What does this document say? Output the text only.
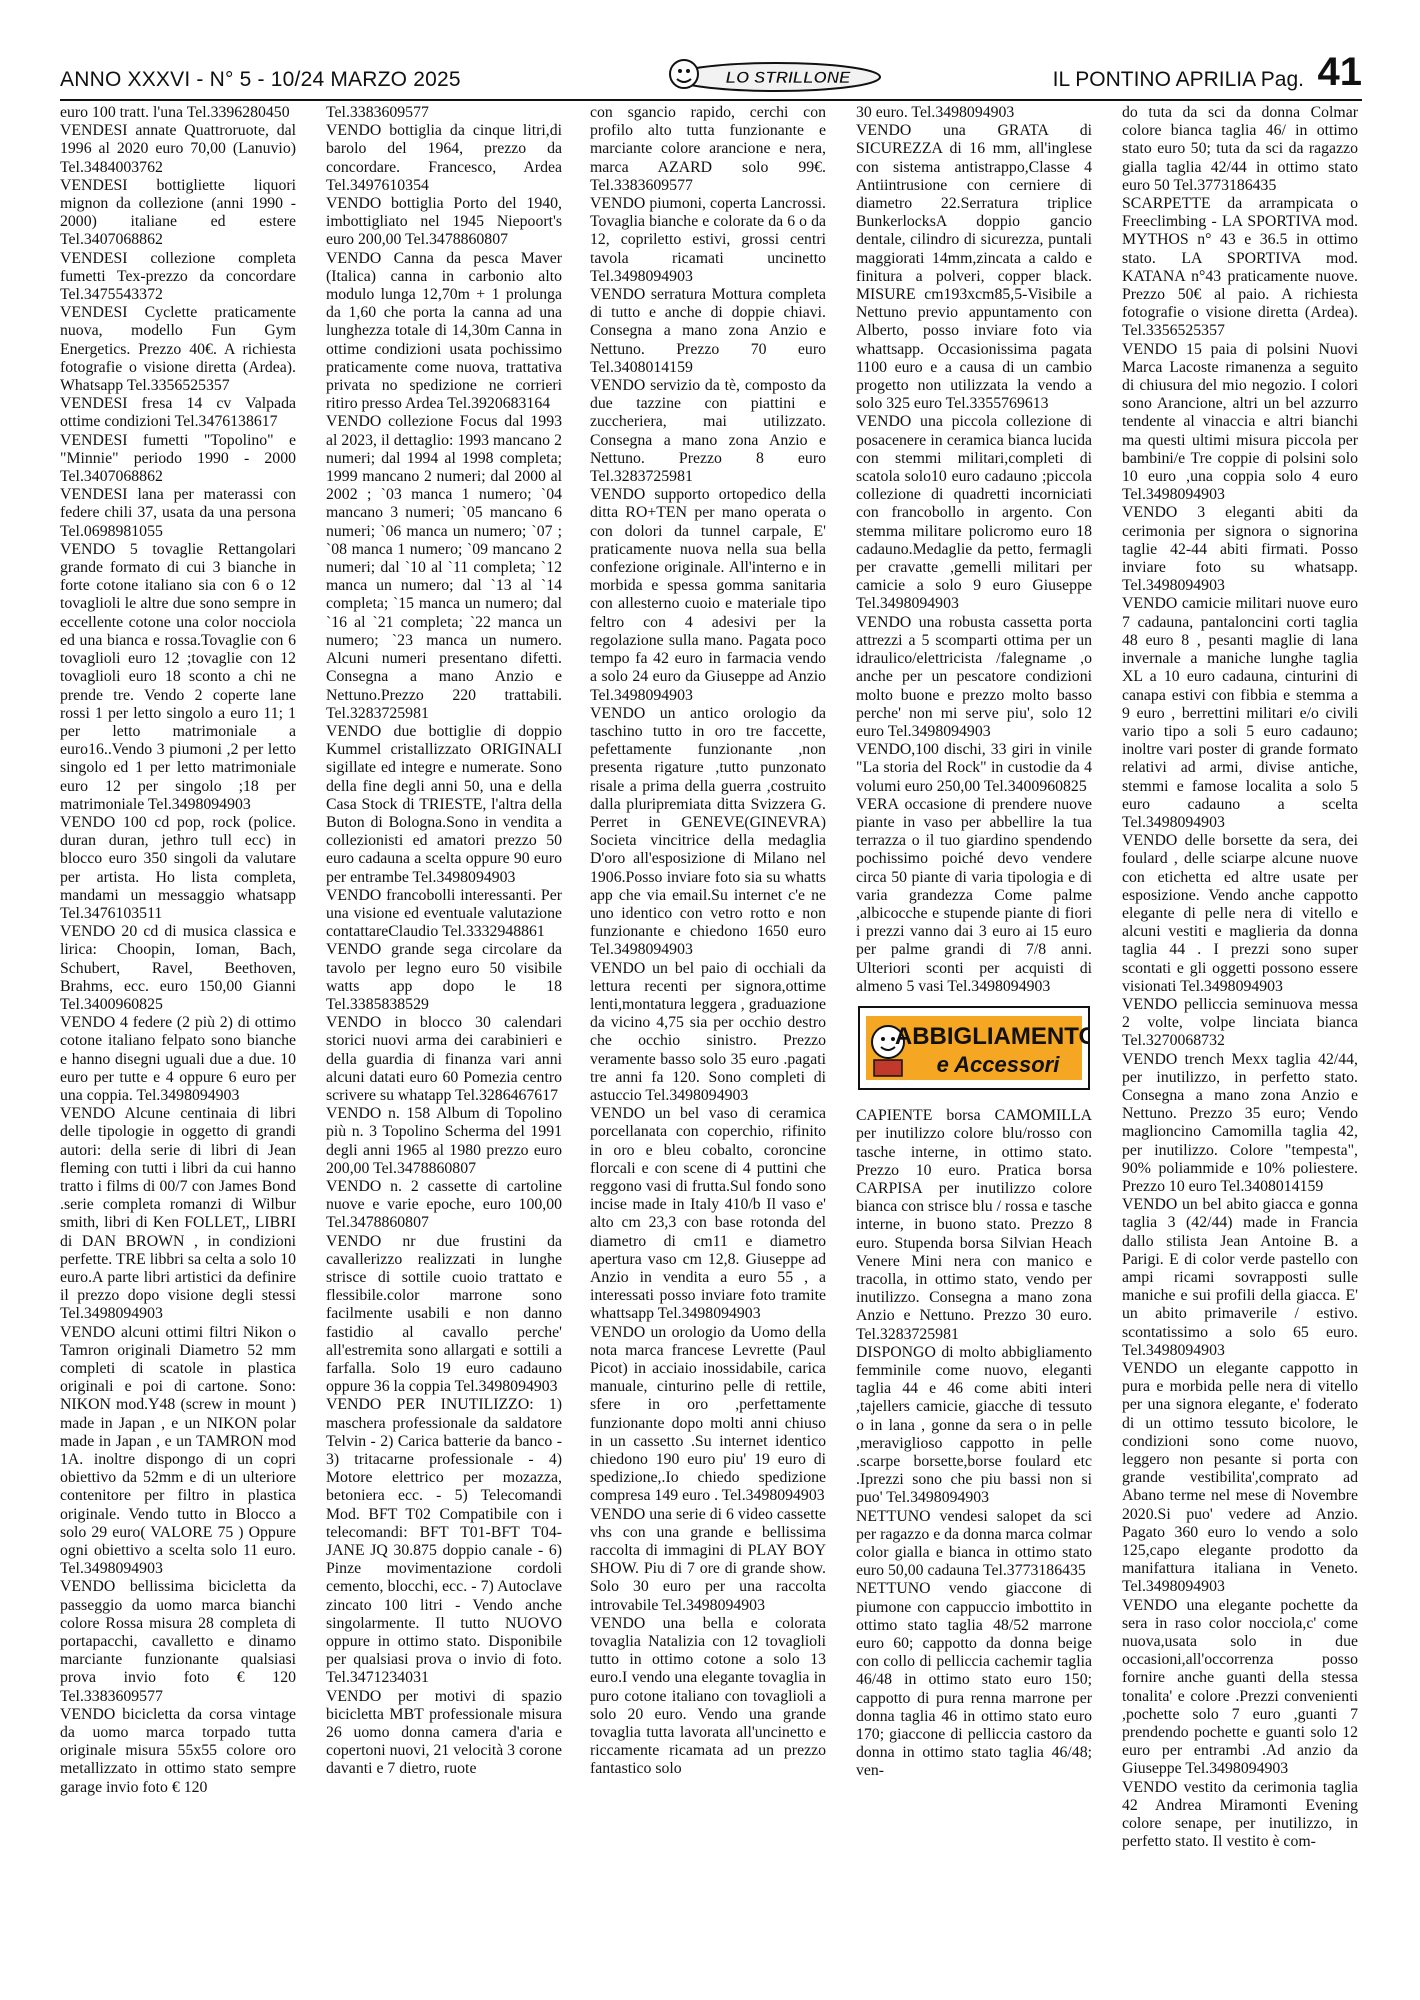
ANNO XXXVI - N° 5 - 10/24 MARZO 2025	LO STRILLONE	IL PONTINO APRILIA Pag. 41

euro 100 tratt. l'una Tel.3396280450

VENDESI annate Quattroruote, dal 1996 al 2020 euro 70,00 (Lanuvio) Tel.3484003762

VENDESI bottigliette liquori mignon da collezione (anni 1990 - 2000) italiane ed estere Tel.3407068862

VENDESI collezione completa fumetti Tex-prezzo da concordare Tel.3475543372

VENDESI Cyclette praticamente nuova, modello Fun Gym Energetics. Prezzo 40€. A richiesta fotografie o visione diretta (Ardea). Whatsapp Tel.3356525357

VENDESI fresa 14 cv Valpada ottime condizioni Tel.3476138617

VENDESI fumetti "Topolino" e "Minnie" periodo 1990 - 2000 Tel.3407068862

VENDESI lana per materassi con federe chili 37, usata da una persona Tel.0698981055

VENDO 5 tovaglie Rettangolari grande formato di cui 3 bianche in forte cotone italiano sia con 6 o 12 tovaglioli le altre due sono sempre in eccellente cotone una color nocciola ed una bianca e rossa.Tovaglie con 6 tovaglioli euro 12 ;tovaglie con 12 tovaglioli euro 18 sconto a chi ne prende tre. Vendo 2 coperte lane rossi 1 per letto singolo a euro 11; 1 per letto matrimoniale a euro16..Vendo 3 piumoni ,2 per letto singolo ed 1 per letto matrimoniale euro 12 per singolo ;18 per matrimoniale Tel.3498094903

VENDO 100 cd pop, rock (police. duran duran, jethro tull ecc) in blocco euro 350 singoli da valutare per artista. Ho lista completa, mandami un messaggio whatsapp Tel.3476103511

VENDO 20 cd di musica classica e lirica: Choopin, Ioman, Bach, Schubert, Ravel, Beethoven, Brahms, ecc. euro 150,00 Gianni Tel.3400960825

VENDO 4 federe (2 più 2) di ottimo cotone italiano felpato sono bianche e hanno disegni uguali due a due. 10 euro per tutte e 4 oppure 6 euro per una coppia. Tel.3498094903

VENDO Alcune centinaia di libri delle tipologie in oggetto di grandi autori: della serie di libri di Jean fleming con tutti i libri da cui hanno tratto i films di 00/7 con James Bond .serie completa romanzi di Wilbur smith, libri di Ken FOLLET,, LIBRI di DAN BROWN , in condizioni perfette. TRE libbri sa celta a solo 10 euro.A parte libri artistici da definire il prezzo dopo visione degli stessi Tel.3498094903

VENDO alcuni ottimi filtri Nikon o Tamron originali Diametro 52 mm completi di scatole in plastica originali e poi di cartone. Sono: NIKON mod.Y48 (screw in mount ) made in Japan , e un NIKON polar made in Japan , e un TAMRON mod 1A. inoltre dispongo di un copri obiettivo da 52mm e di un ulteriore contenitore per filtro in plastica originale. Vendo tutto in Blocco a solo 29 euro( VALORE 75 ) Oppure ogni obiettivo a scelta solo 11 euro. Tel.3498094903

VENDO bellissima bicicletta da passeggio da uomo marca bianchi colore Rossa misura 28 completa di portapacchi, cavalletto e dinamo marciante funzionante qualsiasi prova invio foto € 120 Tel.3383609577

VENDO bicicletta da corsa vintage da uomo marca torpado tutta originale misura 55x55 colore oro metallizzato in ottimo stato sempre garage invio foto € 120

Tel.3383609577

VENDO bottiglia da cinque litri,di barolo del 1964, prezzo da concordare. Francesco, Ardea Tel.3497610354

VENDO bottiglia Porto del 1940, imbottigliato nel 1945 Niepoort's euro 200,00 Tel.3478860807

VENDO Canna da pesca Maver (Italica) canna in carbonio alto modulo lunga 12,70m + 1 prolunga da 1,60 che porta la canna ad una lunghezza totale di 14,30m Canna in ottime condizioni usata pochissimo praticamente come nuova, trattativa privata no spedizione ne corrieri ritiro presso Ardea Tel.3920683164

VENDO collezione Focus dal 1993 al 2023, il dettaglio: 1993 mancano 2 numeri; dal 1994 al 1998 completa; 1999 mancano 2 numeri; dal 2000 al 2002 ; `03 manca 1 numero; `04 mancano 3 numeri; `05 mancano 6 numeri; `06 manca un numero; `07 ; `08 manca 1 numero; `09 mancano 2 numeri; dal `10 al `11 completa; `12 manca un numero; dal `13 al `14 completa; `15 manca un numero; dal `16 al `21 completa; `22 manca un numero; `23 manca un numero. Alcuni numeri presentano difetti. Consegna a mano Anzio e Nettuno.Prezzo 220 trattabili. Tel.3283725981

VENDO due bottiglie di doppio Kummel cristallizzato ORIGINALI sigillate ed integre e numerate. Sono della fine degli anni 50, una e della Casa Stock di TRIESTE, l'altra della Buton di Bologna.Sono in vendita a collezionisti ed amatori prezzo 50 euro cadauna a scelta oppure 90 euro per entrambe Tel.3498094903

VENDO francobolli interessanti. Per una visione ed eventuale valutazione contattareClaudio Tel.3332948861

VENDO grande sega circolare da tavolo per legno euro 50 visibile watts app dopo le 18 Tel.3385838529

VENDO in blocco 30 calendari storici nuovi arma dei carabinieri e della guardia di finanza vari anni alcuni datati euro 60 Pomezia centro scrivere su whatapp Tel.3286467617

VENDO n. 158 Album di Topolino più n. 3 Topolino Scherma del 1991 degli anni 1965 al 1980 prezzo euro 200,00 Tel.3478860807

VENDO n. 2 cassette di cartoline nuove e varie epoche, euro 100,00 Tel.3478860807

VENDO nr due frustini da cavallerizzo realizzati in lunghe strisce di sottile cuoio trattato e flessibile.color marrone sono facilmente usabili e non danno fastidio al cavallo perche' all'estremita sono allargati e sottili a farfalla. Solo 19 euro cadauno oppure 36 la coppia Tel.3498094903

VENDO PER INUTILIZZO: 1) maschera professionale da saldatore Telvin - 2) Carica batterie da banco - 3) tritacarne professionale - 4) Motore elettrico per mozazza, betoniera ecc. - 5) Telecomandi Mod. BFT T02 Compatibile con i telecomandi: BFT T01-BFT T04-JANE JQ 30.875 doppio canale - 6) Pinze movimentazione cordoli cemento, blocchi, ecc. - 7) Autoclave zincato 100 litri - Vendo anche singolarmente. Il tutto NUOVO oppure in ottimo stato. Disponibile per qualsiasi prova o invio di foto. Tel.3471234031

VENDO per motivi di spazio bicicletta MBT professionale misura 26 uomo donna camera d'aria e copertoni nuovi, 21 velocità 3 corone davanti e 7 dietro, ruote

con sgancio rapido, cerchi con profilo alto tutta funzionante e marciante colore arancione e nera, marca AZARD solo 99€. Tel.3383609577

VENDO piumoni, coperta Lancrossi. Tovaglia bianche e colorate da 6 o da 12, copriletto estivi, grossi centri tavola ricamati uncinetto Tel.3498094903

VENDO serratura Mottura completa di tutto e anche di doppie chiavi. Consegna a mano zona Anzio e Nettuno. Prezzo 70 euro Tel.3408014159

VENDO servizio da tè, composto da due tazzine con piattini e zuccheriera, mai utilizzato. Consegna a mano zona Anzio e Nettuno. Prezzo 8 euro Tel.3283725981

VENDO supporto ortopedico della ditta RO+TEN per mano operata o con dolori da tunnel carpale, E' praticamente nuova nella sua bella confezione originale. All'interno e in morbida e spessa gomma sanitaria con allesterno cuoio e materiale tipo feltro con 4 adesivi per la regolazione sulla mano. Pagata poco tempo fa 42 euro in farmacia vendo a solo 24 euro da Giuseppe ad Anzio Tel.3498094903

VENDO un antico orologio da taschino tutto in oro tre faccette, pefettamente funzionante ,non presenta rigature ,tutto punzonato risale a prima della guerra ,costruito dalla pluripremiata ditta Svizzera G. Perret in GENEVE(GINEVRA) Societa vincitrice della medaglia D'oro all'esposizione di Milano nel 1906.Posso inviare foto sia su whatts app che via email.Su internet c'e ne uno identico con vetro rotto e non funzionante e chiedono 1650 euro Tel.3498094903

VENDO un bel paio di occhiali da lettura recenti per signora,ottime lenti,montatura leggera , graduazione da vicino 4,75 sia per occhio destro che occhio sinistro. Prezzo veramente basso solo 35 euro .pagati tre anni fa 120. Sono completi di astuccio Tel.3498094903

VENDO un bel vaso di ceramica porcellanata con coperchio, rifinito in oro e bleu cobalto, coroncine florcali e con scene di 4 puttini che reggono vasi di frutta.Sul fondo sono incise made in Italy 410/b Il vaso e' alto cm 23,3 con base rotonda del diametro di cm11 e diametro apertura vaso cm 12,8. Giuseppe ad Anzio in vendita a euro 55 , a interessati posso inviare foto tramite whattsapp Tel.3498094903

VENDO un orologio da Uomo della nota marca francese Levrette (Paul Picot) in acciaio inossidabile, carica manuale, cinturino pelle di rettile, sfere in oro ,perfettamente funzionante dopo molti anni chiuso in un cassetto .Su internet identico chiedono 190 euro piu' 19 euro di spedizione,.Io chiedo spedizione compresa 149 euro . Tel.3498094903

VENDO una serie di 6 video cassette vhs con una grande e bellissima raccolta di immagini di PLAY BOY SHOW. Piu di 7 ore di grande show. Solo 30 euro per una raccolta introvabile Tel.3498094903

VENDO una bella e colorata tovaglia Natalizia con 12 tovaglioli tutto in ottimo cotone a solo 13 euro.I vendo una elegante tovaglia in puro cotone italiano con tovaglioli a solo 20 euro. Vendo una grande tovaglia tutta lavorata all'uncinetto e riccamente ricamata ad un prezzo fantastico solo

30 euro. Tel.3498094903

VENDO una GRATA di SICUREZZA di 16 mm, all'inglese con sistema antistrappo,Classe 4 Antiintrusione con cerniere di diametro 22.Serratura triplice BunkerlocksA doppio gancio dentale, cilindro di sicurezza, puntali maggiorati 14mm,zincata a caldo e finitura a polveri, copper black. MISURE cm193xcm85,5-Visibile a Nettuno previo appuntamento con Alberto, posso inviare foto via whattsapp. Occasionissima pagata 1100 euro e a causa di un cambio progetto non utilizzata la vendo a solo 325 euro Tel.3355769613

VENDO una piccola collezione di posacenere in ceramica bianca lucida con stemmi militari,completi di scatola solo10 euro cadauno ;piccola collezione di quadretti incorniciati con francobollo in argento. Con stemma militare policromo euro 18 cadauno.Medaglie da petto, fermagli per cravatte ,gemelli militari per camicie a solo 9 euro Giuseppe Tel.3498094903

VENDO una robusta cassetta porta attrezzi a 5 scomparti ottima per un idraulico/elettricista /falegname ,o anche per un pescatore condizioni molto buone e prezzo molto basso perche' non mi serve piu', solo 12 euro Tel.3498094903

VENDO,100 dischi, 33 giri in vinile "La storia del Rock" in custodie da 4 volumi euro 250,00 Tel.3400960825

VERA occasione di prendere nuove piante in vaso per abbellire la tua terrazza o il tuo giardino spendendo pochissimo poiché devo vendere circa 50 piante di varia tipologia e di varia grandezza Come palme ,albicocche e stupende piante di fiori i prezzi vanno dai 3 euro ai 15 euro per palme grandi di 7/8 anni. Ulteriori sconti per acquisti di almeno 5 vasi Tel.3498094903

ABBIGLIAMENTO
e Accessori

CAPIENTE borsa CAMOMILLA per inutilizzo colore blu/rosso con tasche interne, in ottimo stato. Prezzo 10 euro. Pratica borsa CARPISA per inutilizzo colore bianca con strisce blu / rossa e tasche interne, in buono stato. Prezzo 8 euro. Stupenda borsa Silvian Heach Venere Mini nera con manico e tracolla, in ottimo stato, vendo per inutilizzo. Consegna a mano zona Anzio e Nettuno. Prezzo 30 euro. Tel.3283725981

DISPONGO di molto abbigliamento femminile come nuovo, eleganti taglia 44 e 46 come abiti interi ,tajellers camicie, giacche di tessuto o in lana , gonne da sera o in pelle ,meraviglioso cappotto in pelle .scarpe borsette,borse foulard etc .Iprezzi sono che piu bassi non si puo' Tel.3498094903

NETTUNO vendesi salopet da sci per ragazzo e da donna marca colmar color gialla e bianca in ottimo stato euro 50,00 cadauna Tel.3773186435

NETTUNO vendo giaccone di piumone con cappuccio imbottito in ottimo stato taglia 48/52 marrone euro 60; cappotto da donna beige con collo di pelliccia cachemir taglia 46/48 in ottimo stato euro 150; cappotto di pura renna marrone per donna taglia 46 in ottimo stato euro 170; giaccone di pelliccia castoro da donna in ottimo stato taglia 46/48; ven-

do tuta da sci da donna Colmar colore bianca taglia 46/ in ottimo stato euro 50; tuta da sci da ragazzo gialla taglia 42/44 in ottimo stato euro 50 Tel.3773186435

SCARPETTE da arrampicata o Freeclimbing - LA SPORTIVA mod. MYTHOS n° 43 e 36.5 in ottimo stato. LA SPORTIVA mod. KATANA n°43 praticamente nuove. Prezzo 50€ al paio. A richiesta fotografie o visione diretta (Ardea). Tel.3356525357

VENDO 15 paia di polsini Nuovi Marca Lacoste rimanenza a seguito di chiusura del mio negozio. I colori sono Arancione, altri un bel azzurro tendente al vinaccia e altri bianchi ma questi ultimi misura piccola per bambini/e Tre coppie di polsini solo 10 euro ,una coppia solo 4 euro Tel.3498094903

VENDO 3 eleganti abiti da cerimonia per signora o signorina taglie 42-44 abiti firmati. Posso inviare foto su whatsapp. Tel.3498094903

VENDO camicie militari nuove euro 7 cadauna, pantaloncini corti taglia 48 euro 8 , pesanti maglie di lana invernale a maniche lunghe taglia XL a 10 euro cadauna, cinturini di canapa estivi con fibbia e stemma a 9 euro , berrettini militari e/o civili vario tipo a soli 5 euro cadauno; inoltre vari poster di grande formato relativi ad armi, divise antiche, stemmi e famose localita a solo 5 euro cadauno a scelta Tel.3498094903

VENDO delle borsette da sera, dei foulard , delle sciarpe alcune nuove con etichetta ed altre usate per esposizione. Vendo anche cappotto elegante di pelle nera di vitello e alcuni vestiti e maglieria da donna taglia 44 . I prezzi sono super scontati e gli oggetti possono essere visionati Tel.3498094903

VENDO pelliccia seminuova messa 2 volte, volpe linciata bianca Tel.3270068732

VENDO trench Mexx taglia 42/44, per inutilizzo, in perfetto stato. Consegna a mano zona Anzio e Nettuno. Prezzo 35 euro; Vendo maglioncino Camomilla taglia 42, per inutilizzo. Colore "tempesta", 90% poliammide e 10% poliestere. Prezzo 10 euro Tel.3408014159

VENDO un bel abito giacca e gonna taglia 3 (42/44) made in Francia dallo stilista Jean Antoine B. a Parigi. E di color verde pastello con ampi ricami sovrapposti sulle maniche e sui profili della giacca. E' un abito primaverile / estivo. scontatissimo a solo 65 euro. Tel.3498094903

VENDO un elegante cappotto in pura e morbida pelle nera di vitello per una signora elegante, e' foderato di un ottimo tessuto bicolore, le condizioni sono come nuovo, leggero non pesante si porta con grande vestibilita',comprato ad Abano terme nel mese di Novembre 2020.Si puo' vedere ad Anzio. Pagato 360 euro lo vendo a solo 125,capo elegante prodotto da manifattura italiana in Veneto. Tel.3498094903

VENDO una elegante pochette da sera in raso color nocciola,c' come nuova,usata solo in due occasioni,all'occorrenza posso fornire anche guanti della stessa tonalita' e colore .Prezzi convenienti ,pochette solo 7 euro ,guanti 7 prendendo pochette e guanti solo 12 euro per entrambi .Ad anzio da Giuseppe Tel.3498094903

VENDO vestito da cerimonia taglia 42 Andrea Miramonti Evening colore senape, per inutilizzo, in perfetto stato. Il vestito è com-
